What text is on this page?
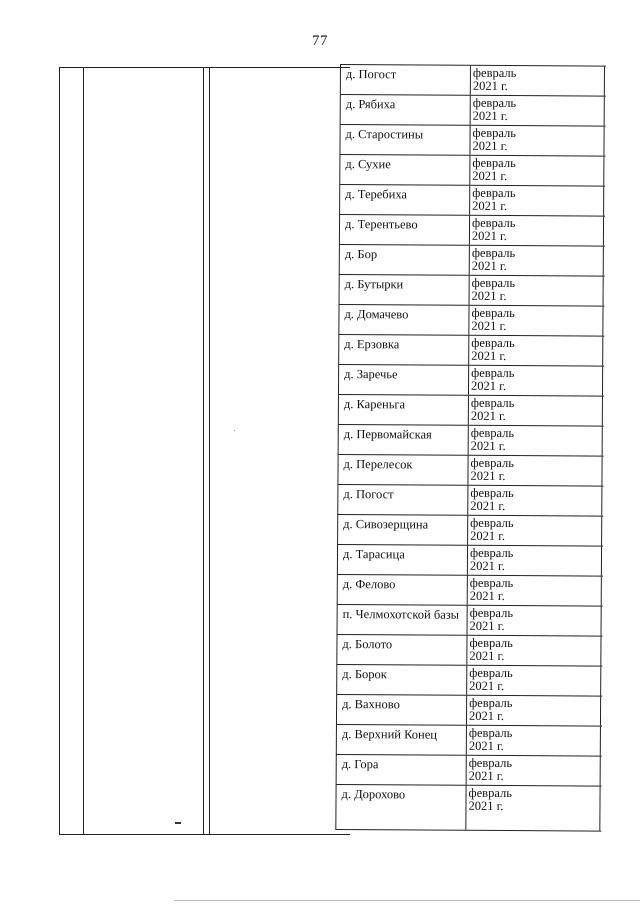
77
д. Погост	февраль
2021 г.
д. Рябиха	февраль
2021 г.
д. Старостины	февраль
2021 г.
д. Сухие	февраль
2021 г.
д. Теребиха	февраль
2021 г.
д. Терентьево	февраль
2021 г.
д. Бор	февраль
2021 г.
д. Бутырки	февраль
2021 г.
д. Домачево	февраль
2021 г.
д. Ерзовка	февраль
2021 г.
д. Заречье	февраль
2021 г.
д. Кареньга	февраль
2021 г.
д. Первомайская	февраль
2021 г.
д. Перелесок	февраль
2021 г.
д. Погост	февраль
2021 г.
д. Сивозерщина	февраль
2021 г.
д. Тарасица	февраль
2021 г.
д. Фелово	февраль
2021 г.
п. Челмохотской базы февраль
2021 г.
д. Болото	февраль
2021 г.
д. Борок	февраль
2021 г.
д. Вахново	февраль
2021 г.
д. Верхний Конец	февраль
2021 г.
д. Гора	февраль
2021 г.
д. Дорохово	февраль
2021 г.
